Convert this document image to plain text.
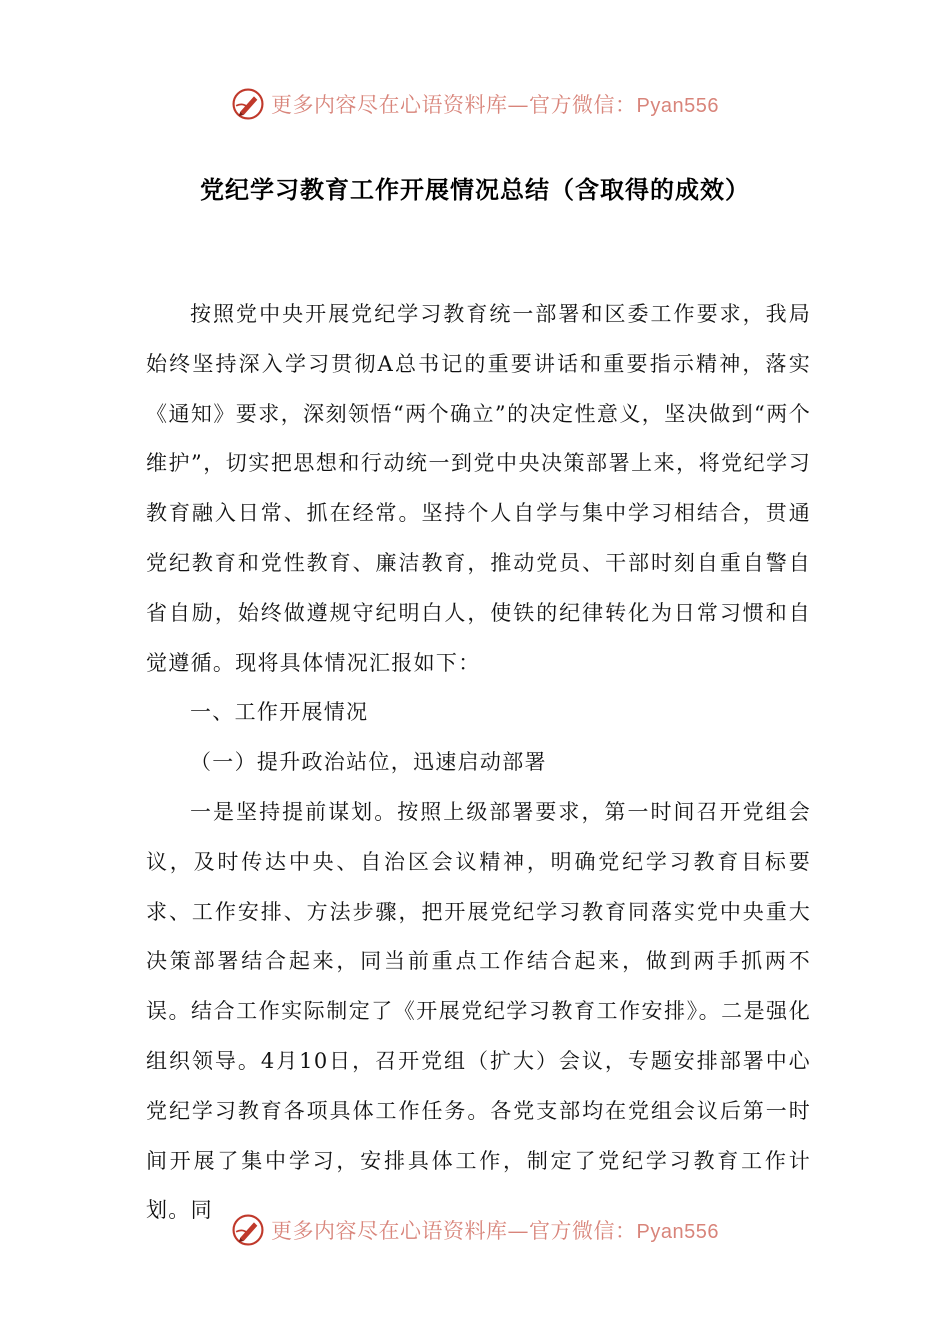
更多内容尽在心语资料库—官方微信：Pyan556
党纪学习教育工作开展情况总结（含取得的成效）

按照党中央开展党纪学习教育统一部署和区委工作要求，我局始终坚持深入学习贯彻A总书记的重要讲话和重要指示精神，落实《通知》要求，深刻领悟“两个确立”的决定性意义，坚决做到“两个维护”，切实把思想和行动统一到党中央决策部署上来，将党纪学习教育融入日常、抓在经常。坚持个人自学与集中学习相结合，贯通党纪教育和党性教育、廉洁教育，推动党员、干部时刻自重自警自省自励，始终做遵规守纪明白人，使铁的纪律转化为日常习惯和自觉遵循。现将具体情况汇报如下：

一、工作开展情况

（一）提升政治站位，迅速启动部署

一是坚持提前谋划。按照上级部署要求，第一时间召开党组会议，及时传达中央、自治区会议精神，明确党纪学习教育目标要求、工作安排、方法步骤，把开展党纪学习教育同落实党中央重大决策部署结合起来，同当前重点工作结合起来，做到两手抓两不误。结合工作实际制定了《开展党纪学习教育工作安排》。二是强化组织领导。4月10日，召开党组（扩大）会议，专题安排部署中心党纪学习教育各项具体工作任务。各党支部均在党组会议后第一时间开展了集中学习，安排具体工作，制定了党纪学习教育工作计划。同

更多内容尽在心语资料库—官方微信：Pyan556
